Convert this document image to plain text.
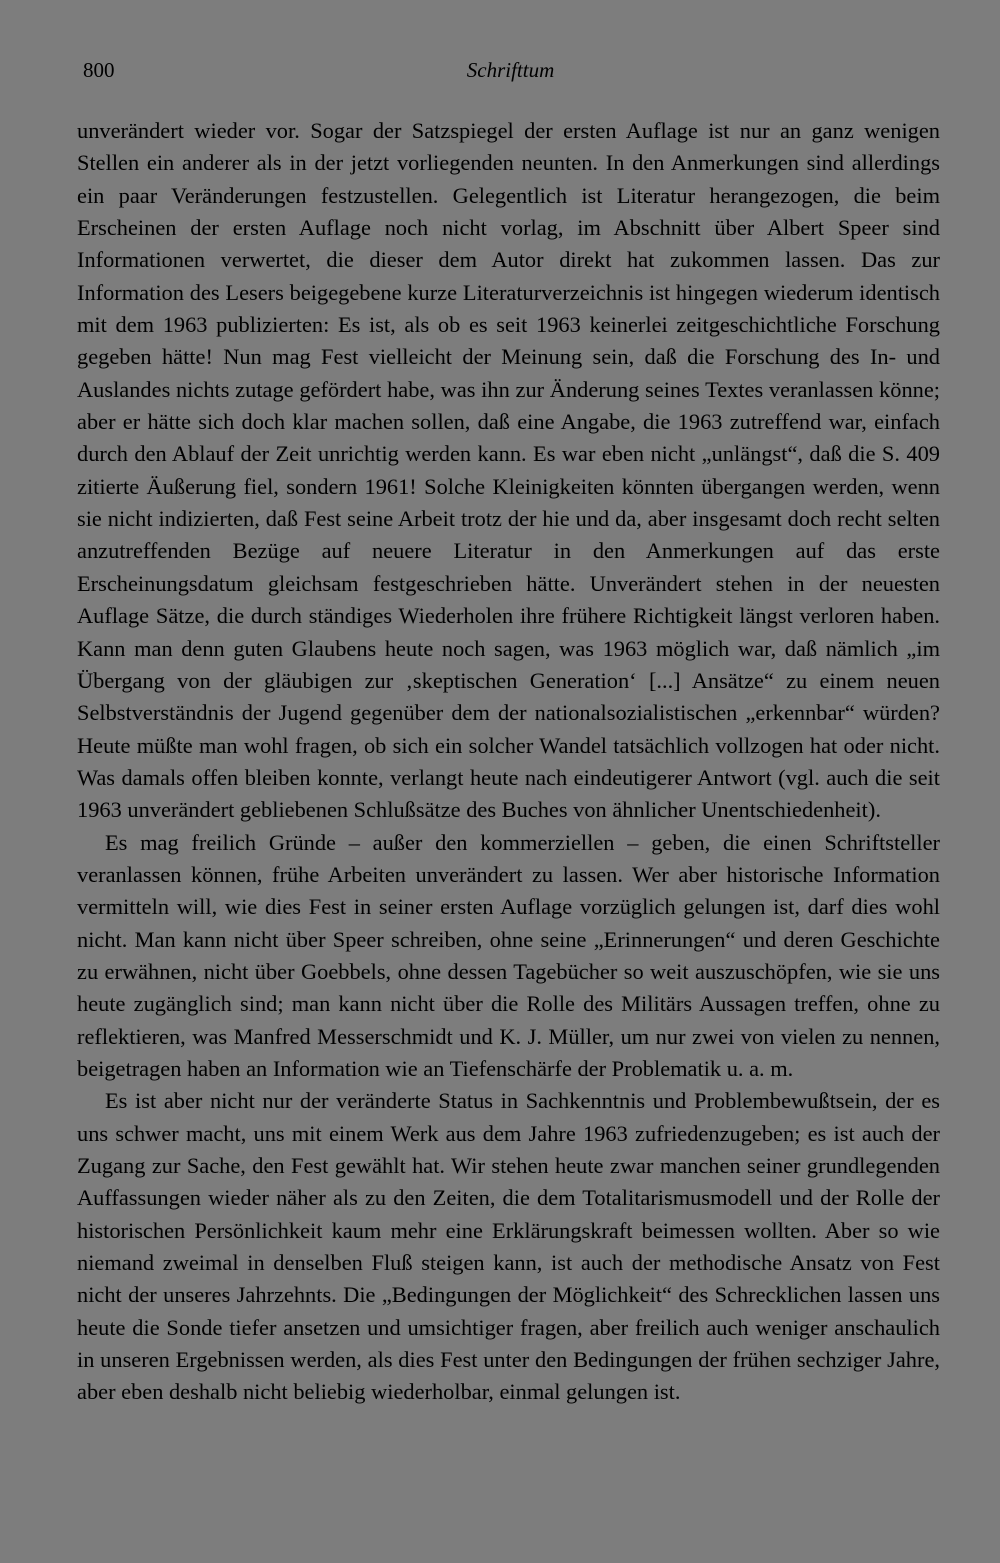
800	Schrifttum

unverändert wieder vor. Sogar der Satzspiegel der ersten Auflage ist nur an ganz wenigen Stellen ein anderer als in der jetzt vorliegenden neunten. In den Anmerkungen sind allerdings ein paar Veränderungen festzustellen. Gelegentlich ist Literatur herangezogen, die beim Erscheinen der ersten Auflage noch nicht vorlag, im Abschnitt über Albert Speer sind Informationen verwertet, die dieser dem Autor direkt hat zukommen lassen. Das zur Information des Lesers beigegebene kurze Literaturverzeichnis ist hingegen wiederum identisch mit dem 1963 publizierten: Es ist, als ob es seit 1963 keinerlei zeitgeschichtliche Forschung gegeben hätte! Nun mag Fest vielleicht der Meinung sein, daß die Forschung des In- und Auslandes nichts zutage gefördert habe, was ihn zur Änderung seines Textes veranlassen könne; aber er hätte sich doch klar machen sollen, daß eine Angabe, die 1963 zutreffend war, einfach durch den Ablauf der Zeit unrichtig werden kann. Es war eben nicht „unlängst“, daß die S. 409 zitierte Äußerung fiel, sondern 1961! Solche Kleinigkeiten könnten übergangen werden, wenn sie nicht indizierten, daß Fest seine Arbeit trotz der hie und da, aber insgesamt doch recht selten anzutreffenden Bezüge auf neuere Literatur in den Anmerkungen auf das erste Erscheinungsdatum gleichsam festgeschrieben hätte. Unverändert stehen in der neuesten Auflage Sätze, die durch ständiges Wiederholen ihre frühere Richtigkeit längst verloren haben. Kann man denn guten Glaubens heute noch sagen, was 1963 möglich war, daß nämlich „im Übergang von der gläubigen zur ‚skeptischen Generation‘ [...] Ansätze“ zu einem neuen Selbstverständnis der Jugend gegenüber dem der nationalsozialistischen „erkennbar“ würden? Heute müßte man wohl fragen, ob sich ein solcher Wandel tatsächlich vollzogen hat oder nicht. Was damals offen bleiben konnte, verlangt heute nach eindeutigerer Antwort (vgl. auch die seit 1963 unverändert gebliebenen Schlußsätze des Buches von ähnlicher Unentschiedenheit).

Es mag freilich Gründe – außer den kommerziellen – geben, die einen Schriftsteller veranlassen können, frühe Arbeiten unverändert zu lassen. Wer aber historische Information vermitteln will, wie dies Fest in seiner ersten Auflage vorzüglich gelungen ist, darf dies wohl nicht. Man kann nicht über Speer schreiben, ohne seine „Erinnerungen“ und deren Geschichte zu erwähnen, nicht über Goebbels, ohne dessen Tagebücher so weit auszuschöpfen, wie sie uns heute zugänglich sind; man kann nicht über die Rolle des Militärs Aussagen treffen, ohne zu reflektieren, was Manfred Messerschmidt und K. J. Müller, um nur zwei von vielen zu nennen, beigetragen haben an Information wie an Tiefenschärfe der Problematik u. a. m.

Es ist aber nicht nur der veränderte Status in Sachkenntnis und Problembewußtsein, der es uns schwer macht, uns mit einem Werk aus dem Jahre 1963 zufriedenzugeben; es ist auch der Zugang zur Sache, den Fest gewählt hat. Wir stehen heute zwar manchen seiner grundlegenden Auffassungen wieder näher als zu den Zeiten, die dem Totalitarismusmodell und der Rolle der historischen Persönlichkeit kaum mehr eine Erklärungskraft beimessen wollten. Aber so wie niemand zweimal in denselben Fluß steigen kann, ist auch der methodische Ansatz von Fest nicht der unseres Jahrzehnts. Die „Bedingungen der Möglichkeit“ des Schrecklichen lassen uns heute die Sonde tiefer ansetzen und umsichtiger fragen, aber freilich auch weniger anschaulich in unseren Ergebnissen werden, als dies Fest unter den Bedingungen der frühen sechziger Jahre, aber eben deshalb nicht beliebig wiederholbar, einmal gelungen ist.
